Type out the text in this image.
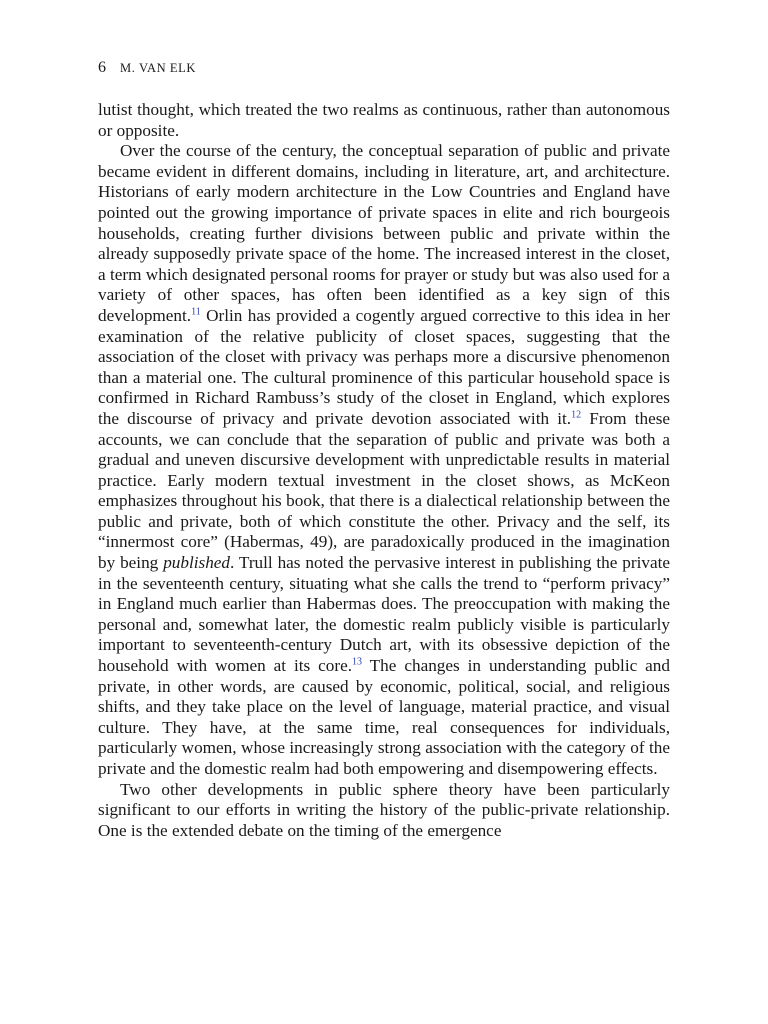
6 M. VAN ELK

lutist thought, which treated the two realms as continuous, rather than autonomous or opposite.

Over the course of the century, the conceptual separation of public and private became evident in different domains, including in literature, art, and architecture. Historians of early modern architecture in the Low Countries and England have pointed out the growing importance of private spaces in elite and rich bourgeois households, creating further divisions between public and private within the already supposedly private space of the home. The increased interest in the closet, a term which designated personal rooms for prayer or study but was also used for a variety of other spaces, has often been identified as a key sign of this development.$^{11}$ Orlin has provided a cogently argued corrective to this idea in her examination of the relative publicity of closet spaces, suggesting that the association of the closet with privacy was perhaps more a discursive phenomenon than a material one. The cultural prominence of this particular household space is confirmed in Richard Rambuss’s study of the closet in England, which explores the discourse of privacy and private devotion associated with it.$^{12}$ From these accounts, we can conclude that the separation of public and private was both a gradual and uneven discursive development with unpredictable results in material practice. Early modern textual investment in the closet shows, as McKeon emphasizes throughout his book, that there is a dialectical relationship between the public and private, both of which constitute the other. Privacy and the self, its “innermost core” (Habermas, 49), are paradoxically produced in the imagination by being published. Trull has noted the pervasive interest in publishing the private in the seventeenth century, situating what she calls the trend to “perform privacy” in England much earlier than Habermas does. The preoccupation with making the personal and, somewhat later, the domestic realm publicly visible is particularly important to seventeenth-century Dutch art, with its obsessive depiction of the household with women at its core.$^{13}$ The changes in understanding public and private, in other words, are caused by economic, political, social, and religious shifts, and they take place on the level of language, material practice, and visual culture. They have, at the same time, real consequences for individuals, particularly women, whose increasingly strong association with the category of the private and the domestic realm had both empowering and disempowering effects.

Two other developments in public sphere theory have been particularly significant to our efforts in writing the history of the public-private relationship. One is the extended debate on the timing of the emergence
